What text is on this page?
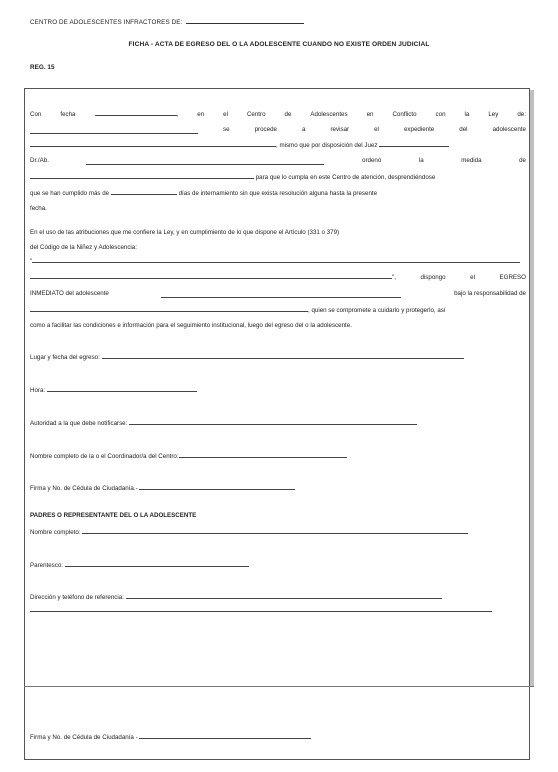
CENTRO DE ADOLESCENTES INFRACTORES DE:
FICHA - ACTA DE EGRESO DEL O LA ADOLESCENTE CUANDO NO EXISTE ORDEN JUDICIAL
REG. 15
Con	fecha	,	en	el	Centro	de	Adolescentes	en	Conflicto	con	la	Ley	de:
se	procede	a	revisar	el	expediente	del	adolescente
, mismo que por disposición del Juez
Dr./Ab.	ordenó	la	medida	de
para que lo cumpla en este Centro de atención, desprendiéndose
que se han cumplido más de	días de internamiento sin que exista resolución alguna hasta la presente
fecha.
En el uso de las atribuciones que me confiere la Ley, y en cumplimiento de lo que dispone el Artículo (331 o 379)
del Código de la Niñez y Adolescencia:
"
",	dispongo	el	EGRESO
INMEDIATO del adolescente	bajo la responsabilidad de
, quien se compromete a cuidarlo y protegerlo, así
como a facilitar las condiciones e información para el seguimiento institucional, luego del egreso del o la adolescente.
Lugar y fecha del egreso:
Hora:
Autoridad a la que debe notificarse:
Nombre completo de la o el Coordinador/a del Centro:
Firma y No. de Cédula de Ciudadanía.-
PADRES O REPRESENTANTE DEL O LA ADOLESCENTE
Nombre completo:
Parentesco:
Dirección y teléfono de referencia:
Firma y No. de Cédula de Ciudadanía -
